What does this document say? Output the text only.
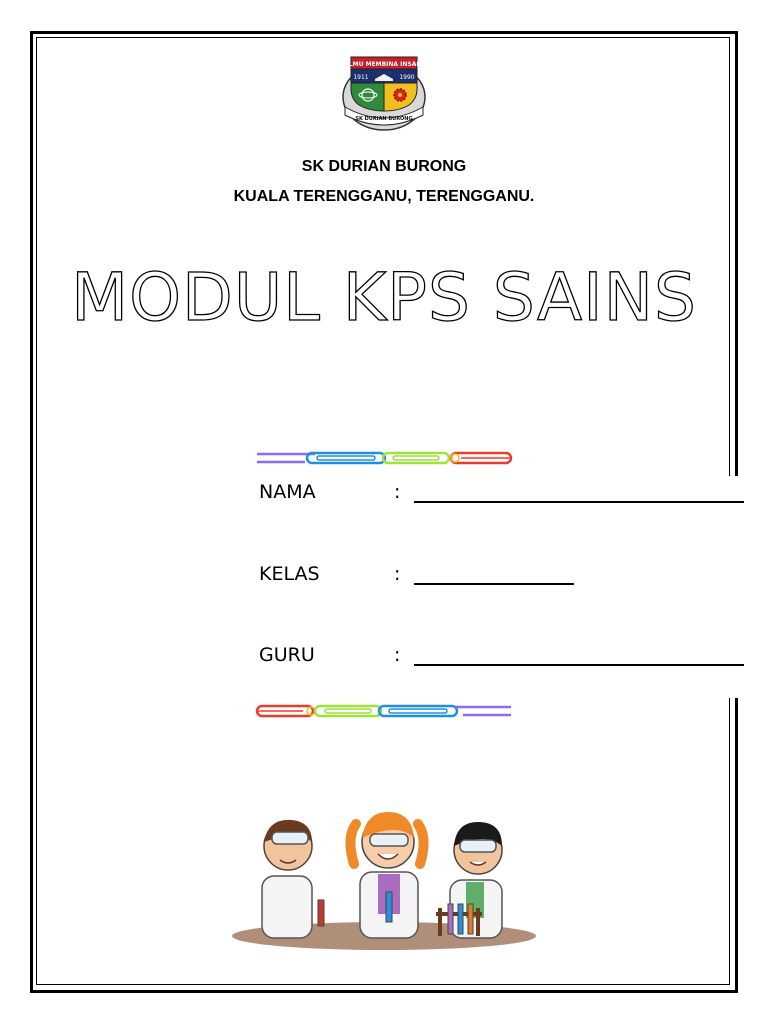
ILMU MEMBINA INSAN
1911	1990
SK DURIAN BURONG
SK DURIAN BURONG
KUALA TERENGGANU, TERENGGANU.
MODUL KPS SAINS
NAMA	:
KELAS	:
GURU	:
